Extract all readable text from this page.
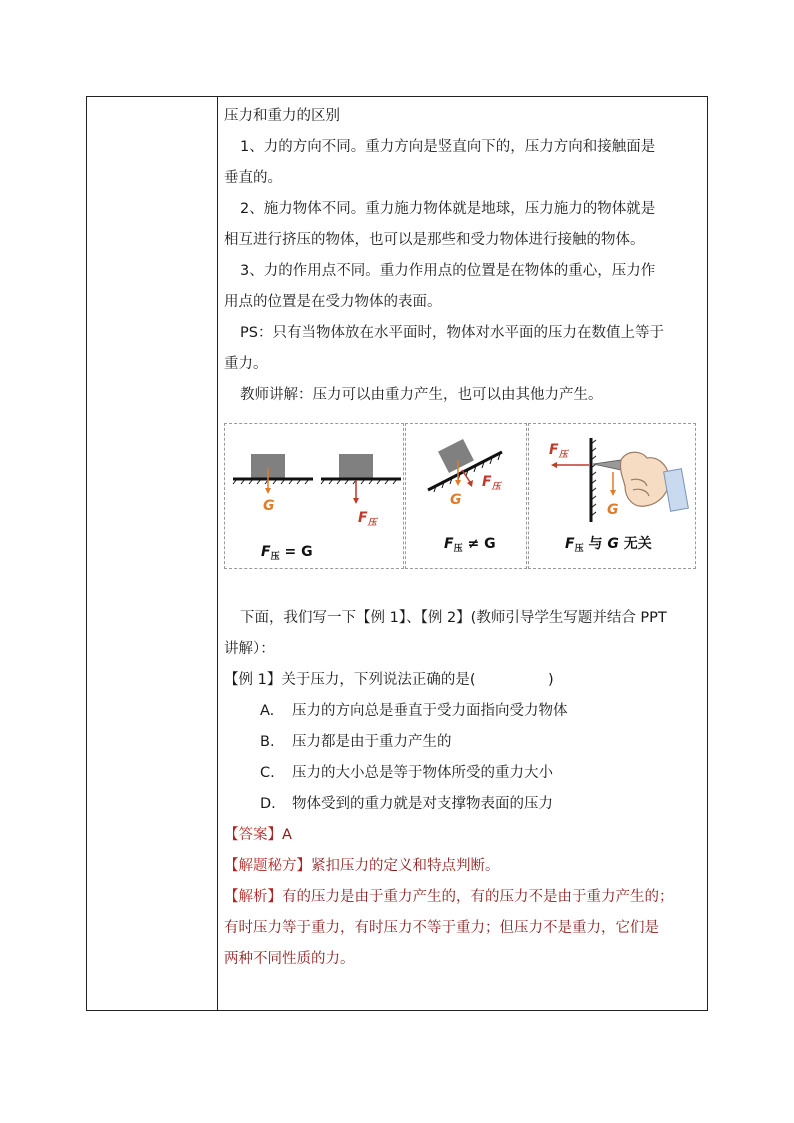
压力和重力的区别
1、力的方向不同。重力方向是竖直向下的，压力方向和接触面是
垂直的。
2、施力物体不同。重力施力物体就是地球，压力施力的物体就是
相互进行挤压的物体，也可以是那些和受力物体进行接触的物体。
3、力的作用点不同。重力作用点的位置是在物体的重心，压力作
用点的位置是在受力物体的表面。
PS：只有当物体放在水平面时，物体对水平面的压力在数值上等于
重力。
教师讲解：压力可以由重力产生，也可以由其他力产生。
G
$F_压$
$F_压 = G$
G
$F_压$
$F_压 \ne G$
$F_压$
G
$F_压$ 与 G 无关
下面，我们写一下【例 1】、【例 2】(教师引导学生写题并结合 PPT
讲解）：
【例 1】关于压力，下列说法正确的是(　　　　　)
A.	压力的方向总是垂直于受力面指向受力物体
B.	压力都是由于重力产生的
C.	压力的大小总是等于物体所受的重力大小
D.	物体受到的重力就是对支撑物表面的压力
【答案】A
【解题秘方】紧扣压力的定义和特点判断。
【解析】有的压力是由于重力产生的，有的压力不是由于重力产生的；
有时压力等于重力，有时压力不等于重力；但压力不是重力，它们是
两种不同性质的力。
